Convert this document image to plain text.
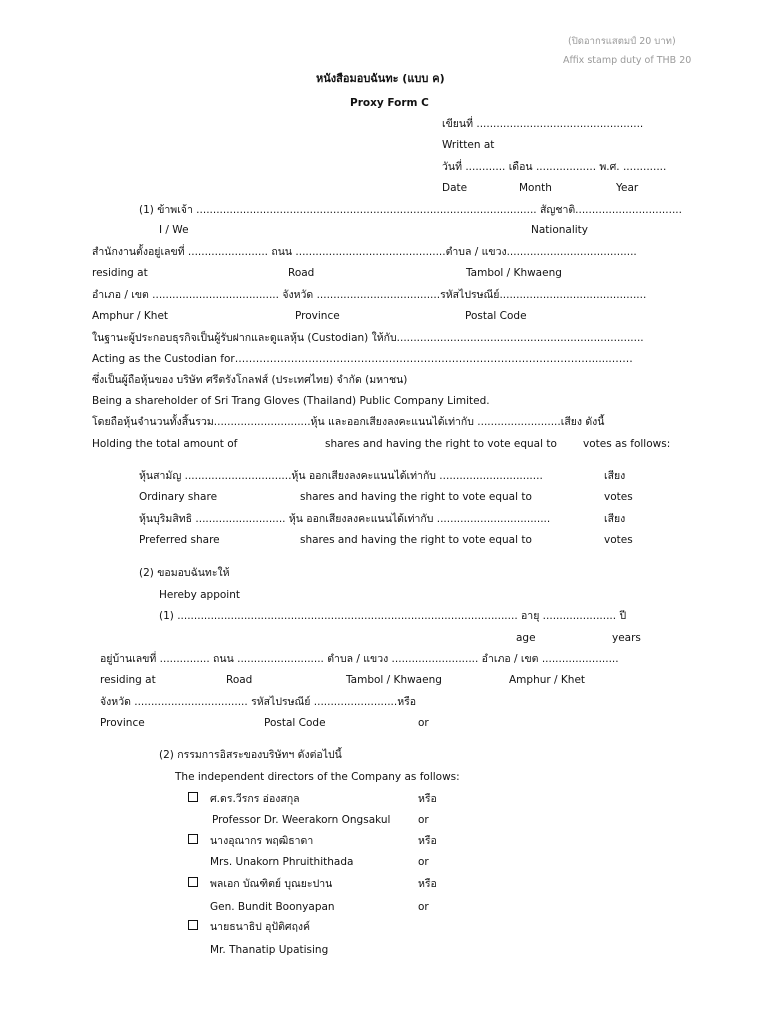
(ปิดอากรแสตมป์ 20 บาท)
Affix stamp duty of THB 20
หนังสือมอบฉันทะ (แบบ ค)
Proxy Form C
เขียนที่ ..................................................
Written at
วันที่ ............ เดือน .................. พ.ศ. .............
Date	Month	Year
(1) ข้าพเจ้า ...................................................................................................... สัญชาติ................................
I / We	Nationality
สำนักงานตั้งอยู่เลขที่ ........................ ถนน .............................................ตำบล / แขวง.......................................
residing at	Road	Tambol / Khwaeng
อำเภอ / เขต ...................................... จังหวัด .....................................รหัสไปรษณีย์............................................
Amphur / Khet	Province	Postal Code
ในฐานะผู้ประกอบธุรกิจเป็นผู้รับฝากและดูแลหุ้น (Custodian) ให้กับ..........................................................................
Acting as the Custodian for…………………………………………………………………………………………......……
ซึ่งเป็นผู้ถือหุ้นของ บริษัท ศรีตรังโกลฟส์ (ประเทศไทย) จำกัด (มหาชน)
Being a shareholder of Sri Trang Gloves (Thailand) Public Company Limited.
โดยถือหุ้นจำนวนทั้งสิ้นรวม.............................หุ้น และออกเสียงลงคะแนนได้เท่ากับ .........................เสียง ดังนี้
Holding the total amount of	shares and having the right to vote equal to votes as follows:
หุ้นสามัญ ................................หุ้น ออกเสียงลงคะแนนได้เท่ากับ ...............................	เสียง
Ordinary share	shares and having the right to vote equal to	votes
หุ้นบุริมสิทธิ ........................... หุ้น ออกเสียงลงคะแนนได้เท่ากับ ..................................	เสียง
Preferred share	shares and having the right to vote equal to	votes
(2) ขอมอบฉันทะให้
Hereby appoint
(1) ...................................................................................................... อายุ ...................... ปี
age	years
อยู่บ้านเลขที่ ............... ถนน .......................... ตำบล / แขวง .......................... อำเภอ / เขต .......................
residing at	Road	Tambol / Khwaeng	Amphur / Khet
จังหวัด .................................. รหัสไปรษณีย์ .........................หรือ
Province	Postal Code	or
(2) กรรมการอิสระของบริษัทฯ ดังต่อไปนี้
The independent directors of the Company as follows:
ศ.ดร.วีรกร อ่องสกุล	หรือ
Professor Dr. Weerakorn Ongsakul	or
นางอุณากร พฤฒิธาดา	หรือ
Mrs. Unakorn Phruithithada	or
พลเอก บัณฑิตย์ บุณยะปาน	หรือ
Gen. Bundit Boonyapan	or
นายธนาธิป อุปัติศฤงค์
Mr. Thanatip Upatising
